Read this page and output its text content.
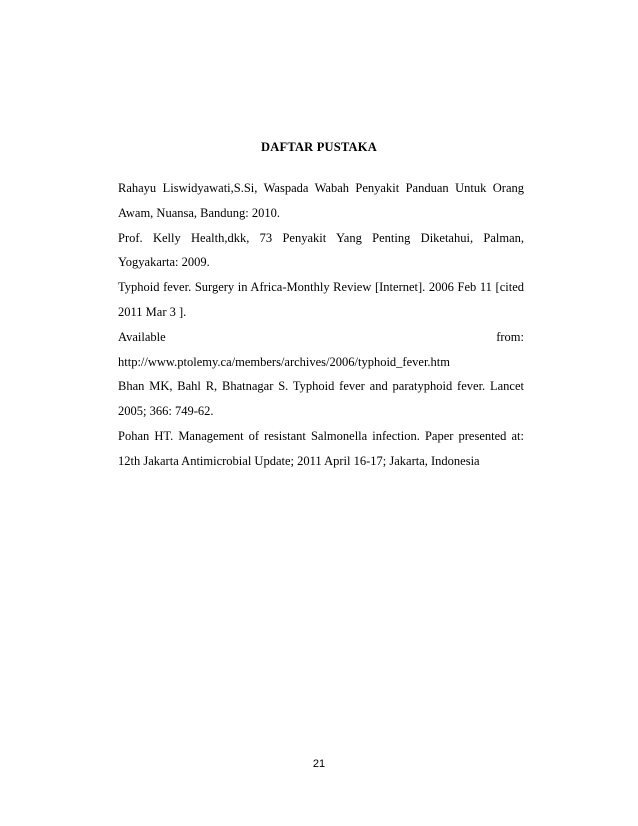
DAFTAR PUSTAKA

Rahayu Liswidyawati,S.Si, Waspada Wabah Penyakit Panduan Untuk Orang Awam, Nuansa, Bandung: 2010.

Prof. Kelly Health,dkk, 73 Penyakit Yang Penting Diketahui, Palman, Yogyakarta: 2009.

Typhoid fever. Surgery in Africa-Monthly Review [Internet]. 2006 Feb 11 [cited 2011 Mar 3 ].

Available from: http://www.ptolemy.ca/members/archives/2006/typhoid_fever.htm

Bhan MK, Bahl R, Bhatnagar S. Typhoid fever and paratyphoid fever. Lancet 2005; 366: 749-62.

Pohan HT. Management of resistant Salmonella infection. Paper presented at: 12th Jakarta Antimicrobial Update; 2011 April 16-17; Jakarta, Indonesia

21
